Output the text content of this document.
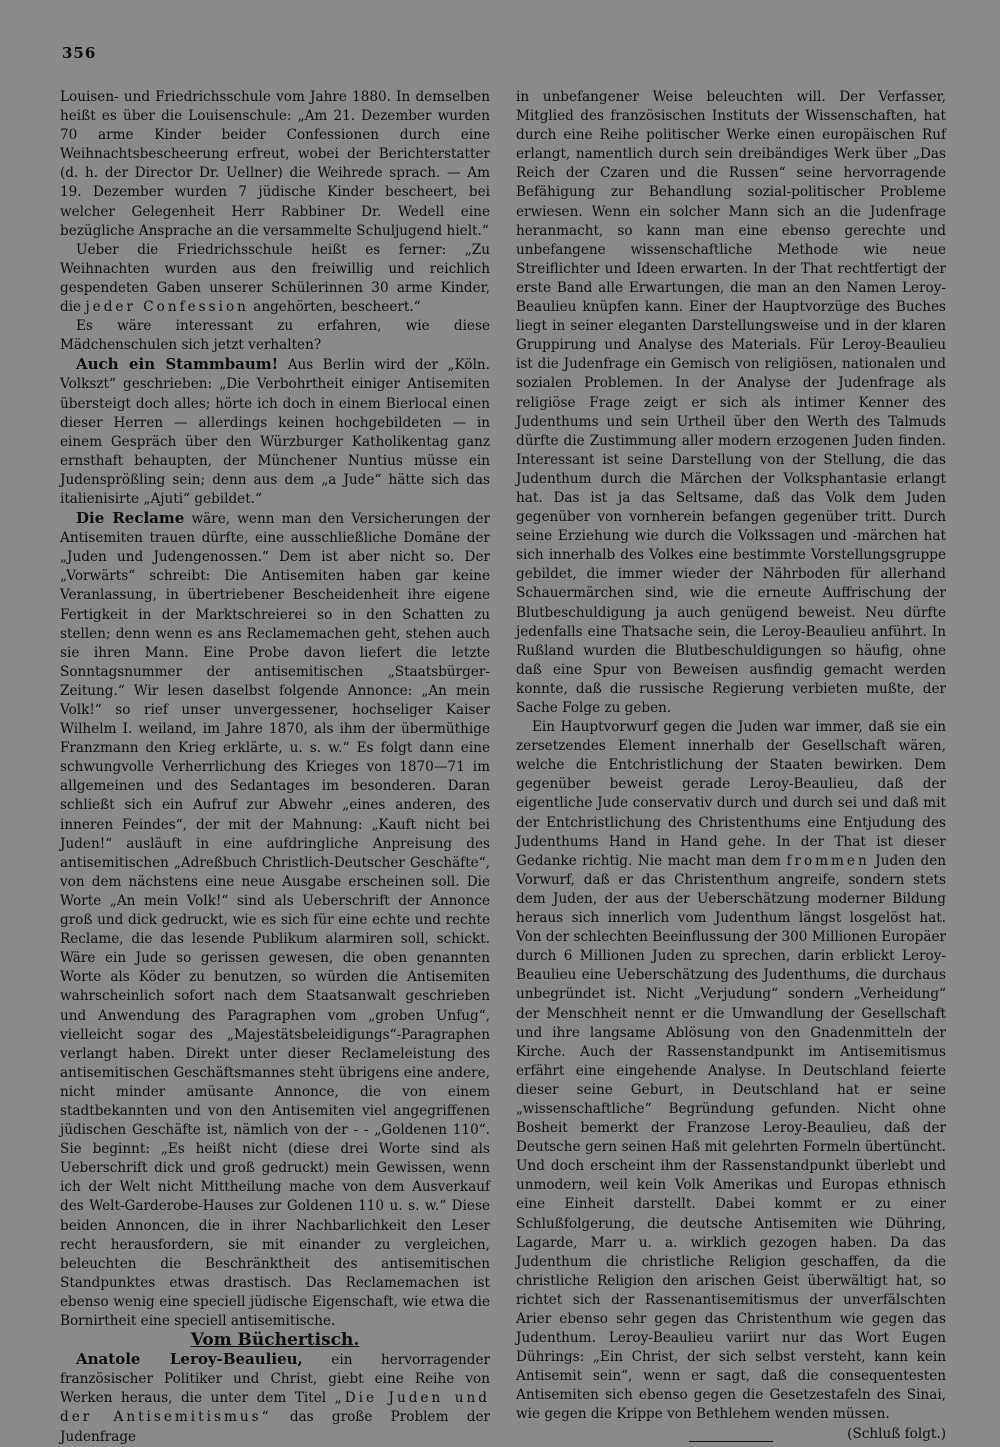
356

Louisen- und Friedrichsschule vom Jahre 1880. In demselben heißt es über die Louisenschule: „Am 21. Dezember wurden 70 arme Kinder beider Confessionen durch eine Weihnachtsbescheerung erfreut, wobei der Berichterstatter (d. h. der Director Dr. Uellner) die Weihrede sprach. — Am 19. Dezember wurden 7 jüdische Kinder bescheert, bei welcher Gelegenheit Herr Rabbiner Dr. Wedell eine bezügliche Ansprache an die versammelte Schuljugend hielt.“

Ueber die Friedrichsschule heißt es ferner: „Zu Weihnachten wurden aus den freiwillig und reichlich gespendeten Gaben unserer Schülerinnen 30 arme Kinder, die jeder Confession angehörten, bescheert.“

Es wäre interessant zu erfahren, wie diese Mädchenschulen sich jetzt verhalten?

Auch ein Stammbaum! Aus Berlin wird der „Köln. Volkszt“ geschrieben: „Die Verbohrtheit einiger Antisemiten übersteigt doch alles; hörte ich doch in einem Bierlocal einen dieser Herren — allerdings keinen hochgebildeten — in einem Gespräch über den Würzburger Katholikentag ganz ernsthaft behaupten, der Münchener Nuntius müsse ein Judensprößling sein; denn aus dem „a Jude“ hätte sich das italienisirte „Ajuti“ gebildet.“

Die Reclame wäre, wenn man den Versicherungen der Antisemiten trauen dürfte, eine ausschließliche Domäne der „Juden und Judengenossen.“ Dem ist aber nicht so. Der „Vorwärts“ schreibt: Die Antisemiten haben gar keine Veranlassung, in übertriebener Bescheidenheit ihre eigene Fertigkeit in der Marktschreierei so in den Schatten zu stellen; denn wenn es ans Reclamemachen geht, stehen auch sie ihren Mann. Eine Probe davon liefert die letzte Sonntagsnummer der antisemitischen „Staatsbürger-Zeitung.“ Wir lesen daselbst folgende Annonce: „An mein Volk!“ so rief unser unvergessener, hochseliger Kaiser Wilhelm I. weiland, im Jahre 1870, als ihm der übermüthige Franzmann den Krieg erklärte, u. s. w.“ Es folgt dann eine schwungvolle Verherrlichung des Krieges von 1870—71 im allgemeinen und des Sedantages im besonderen. Daran schließt sich ein Aufruf zur Abwehr „eines anderen, des inneren Feindes“, der mit der Mahnung: „Kauft nicht bei Juden!“ ausläuft in eine aufdringliche Anpreisung des antisemitischen „Adreßbuch Christlich-Deutscher Geschäfte“, von dem nächstens eine neue Ausgabe erscheinen soll. Die Worte „An mein Volk!“ sind als Ueberschrift der Annonce groß und dick gedruckt, wie es sich für eine echte und rechte Reclame, die das lesende Publikum alarmiren soll, schickt. Wäre ein Jude so gerissen gewesen, die oben genannten Worte als Köder zu benutzen, so würden die Antisemiten wahrscheinlich sofort nach dem Staatsanwalt geschrieben und Anwendung des Paragraphen vom „groben Unfug“, vielleicht sogar des „Majestätsbeleidigungs“-Paragraphen verlangt haben. Direkt unter dieser Reclameleistung des antisemitischen Geschäftsmannes steht übrigens eine andere, nicht minder amüsante Annonce, die von einem stadtbekannten und von den Antisemiten viel angegriffenen jüdischen Geschäfte ist, nämlich von der - - „Goldenen 110“. Sie beginnt: „Es heißt nicht (diese drei Worte sind als Ueberschrift dick und groß gedruckt) mein Gewissen, wenn ich der Welt nicht Mittheilung mache von dem Ausverkauf des Welt-Garderobe-Hauses zur Goldenen 110 u. s. w.“ Diese beiden Annoncen, die in ihrer Nachbarlichkeit den Leser recht herausfordern, sie mit einander zu vergleichen, beleuchten die Beschränktheit des antisemitischen Standpunktes etwas drastisch. Das Reclamemachen ist ebenso wenig eine speciell jüdische Eigenschaft, wie etwa die Bornirtheit eine speciell antisemitische.

Vom Büchertisch.

Anatole Leroy-Beaulieu, ein hervorragender französischer Politiker und Christ, giebt eine Reihe von Werken heraus, die unter dem Titel „Die Juden und der Antisemitismus“ das große Problem der Judenfrage

in unbefangener Weise beleuchten will. Der Verfasser, Mitglied des französischen Instituts der Wissenschaften, hat durch eine Reihe politischer Werke einen europäischen Ruf erlangt, namentlich durch sein dreibändiges Werk über „Das Reich der Czaren und die Russen“ seine hervorragende Befähigung zur Behandlung sozial-politischer Probleme erwiesen. Wenn ein solcher Mann sich an die Judenfrage heranmacht, so kann man eine ebenso gerechte und unbefangene wissenschaftliche Methode wie neue Streiflichter und Ideen erwarten. In der That rechtfertigt der erste Band alle Erwartungen, die man an den Namen Leroy-Beaulieu knüpfen kann. Einer der Hauptvorzüge des Buches liegt in seiner eleganten Darstellungsweise und in der klaren Gruppirung und Analyse des Materials. Für Leroy-Beaulieu ist die Judenfrage ein Gemisch von religiösen, nationalen und sozialen Problemen. In der Analyse der Judenfrage als religiöse Frage zeigt er sich als intimer Kenner des Judenthums und sein Urtheil über den Werth des Talmuds dürfte die Zustimmung aller modern erzogenen Juden finden. Interessant ist seine Darstellung von der Stellung, die das Judenthum durch die Märchen der Volksphantasie erlangt hat. Das ist ja das Seltsame, daß das Volk dem Juden gegenüber von vornherein befangen gegenüber tritt. Durch seine Erziehung wie durch die Volkssagen und -märchen hat sich innerhalb des Volkes eine bestimmte Vorstellungsgruppe gebildet, die immer wieder der Nährboden für allerhand Schauermärchen sind, wie die erneute Auffrischung der Blutbeschuldigung ja auch genügend beweist. Neu dürfte jedenfalls eine Thatsache sein, die Leroy-Beaulieu anführt. In Rußland wurden die Blutbeschuldigungen so häufig, ohne daß eine Spur von Beweisen ausfindig gemacht werden konnte, daß die russische Regierung verbieten mußte, der Sache Folge zu geben.

Ein Hauptvorwurf gegen die Juden war immer, daß sie ein zersetzendes Element innerhalb der Gesellschaft wären, welche die Entchristlichung der Staaten bewirken. Dem gegenüber beweist gerade Leroy-Beaulieu, daß der eigentliche Jude conservativ durch und durch sei und daß mit der Entchristlichung des Christenthums eine Entjudung des Judenthums Hand in Hand gehe. In der That ist dieser Gedanke richtig. Nie macht man dem frommen Juden den Vorwurf, daß er das Christenthum angreife, sondern stets dem Juden, der aus der Ueberschätzung moderner Bildung heraus sich innerlich vom Judenthum längst losgelöst hat. Von der schlechten Beeinflussung der 300 Millionen Europäer durch 6 Millionen Juden zu sprechen, darin erblickt Leroy-Beaulieu eine Ueberschätzung des Judenthums, die durchaus unbegründet ist. Nicht „Verjudung“ sondern „Verheidung“ der Menschheit nennt er die Umwandlung der Gesellschaft und ihre langsame Ablösung von den Gnadenmitteln der Kirche. Auch der Rassenstandpunkt im Antisemitismus erfährt eine eingehende Analyse. In Deutschland feierte dieser seine Geburt, in Deutschland hat er seine „wissenschaftliche“ Begründung gefunden. Nicht ohne Bosheit bemerkt der Franzose Leroy-Beaulieu, daß der Deutsche gern seinen Haß mit gelehrten Formeln übertüncht. Und doch erscheint ihm der Rassenstandpunkt überlebt und unmodern, weil kein Volk Amerikas und Europas ethnisch eine Einheit darstellt. Dabei kommt er zu einer Schlußfolgerung, die deutsche Antisemiten wie Dühring, Lagarde, Marr u. a. wirklich gezogen haben. Da das Judenthum die christliche Religion geschaffen, da die christliche Religion den arischen Geist überwältigt hat, so richtet sich der Rassenantisemitismus der unverfälschten Arier ebenso sehr gegen das Christenthum wie gegen das Judenthum. Leroy-Beaulieu variirt nur das Wort Eugen Dührings: „Ein Christ, der sich selbst versteht, kann kein Antisemit sein“, wenn er sagt, daß die consequentesten Antisemiten sich ebenso gegen die Gesetzestafeln des Sinai, wie gegen die Krippe von Bethlehem wenden müssen.
(Schluß folgt.)
